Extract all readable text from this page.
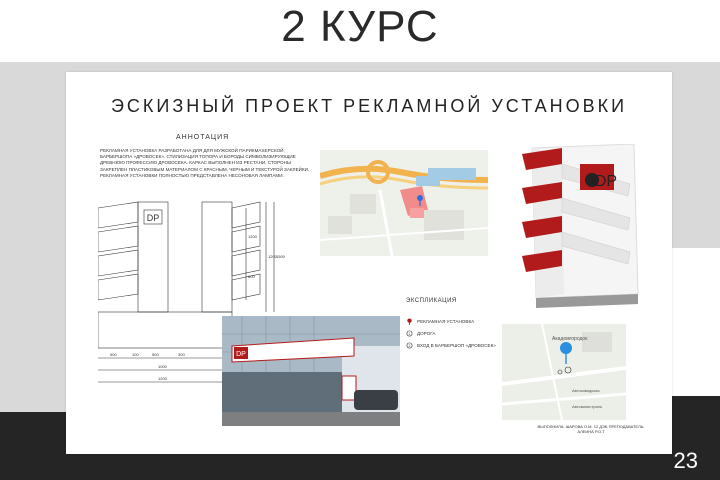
2 КУРС
23
ЭСКИЗНЫЙ ПРОЕКТ РЕКЛАМНОЙ УСТАНОВКИ
АННОТАЦИЯ
РЕКЛАМНАЯ УСТАНОВКА РАЗРАБОТАНА ДЛЯ ДЛЯ МУЖСКОЙ ПАРИКМАХЕРСКОЙ, БАРБЕРШОПА «ДРОВОСЕК». СТИЛИЗАЦИЯ ТОПОРА И БОРОДЫ СИМВОЛИЗИРУЮЩИЕ ДРЕВНЮЮ ПРОФЕССИЮ ДРОВОСЕКА. КАРКАС ВЫПОЛНЕН ИЗ РЕСТАНИ, СТОРОНЫ ЗАКРЕПЛЕН ПЛАСТИКОВЫМ МАТЕРИАЛОМ С КРАСНЫМ, ЧЕРНЫМ И ТЕКСТУРОЙ ЗАКЛЕЙКИ. РЕКЛАМНАЯ УСТАНОВКИ ПОЛНОСТЬЮ ПРЕДСТАВЛЕНА НЕСОНОВАЯ ЛАМПАМИ.
DP
1200 1500
1200
600
500	100	500	300
1000
1200
DP
DP
ЭКСПЛИКАЦИЯ
РЕКЛАМНАЯ УСТАНОВКА
1 ДОРОГА
2 ВХОД В БАРБЕРШОП «ДРОВОСЕК»
Академгородок
Автозаводская
Автомагистраль
ВЫПОЛНИЛА: ШАРОВА О.М. 12 ДЭБ ПРЕПОДАВАТЕЛЬ: АЛЕИНА Р.О.Т
